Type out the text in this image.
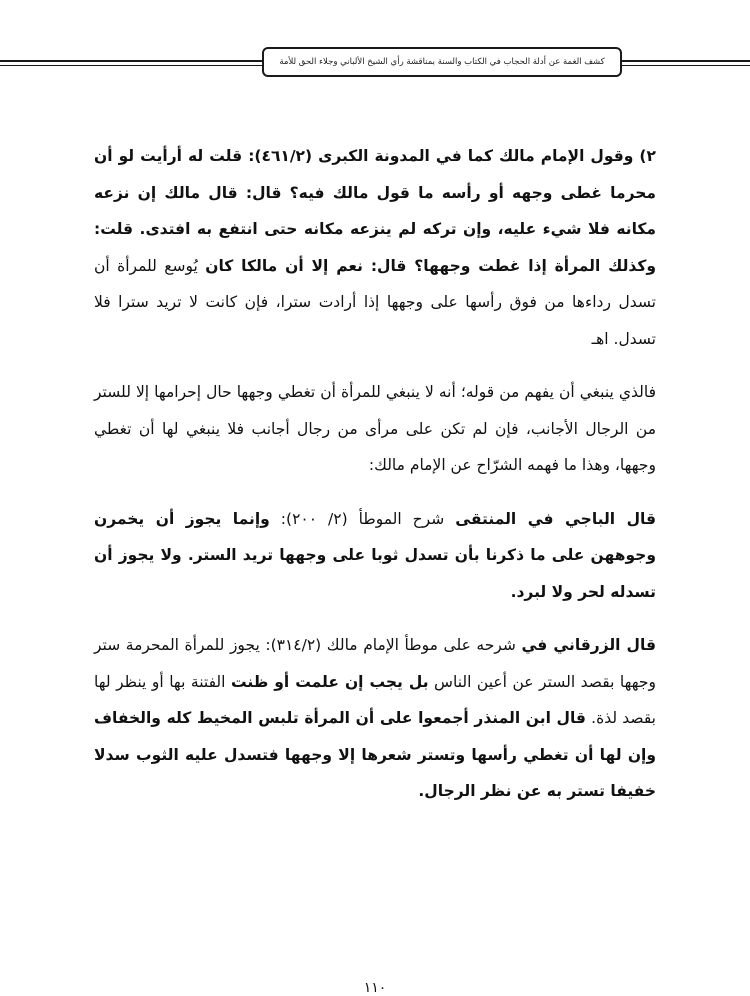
كشف الغمة عن أدلة الحجاب في الكتاب والسنة بمناقشة رأي الشيخ الألباني وجلاء الحق للأمة

٢) وقول الإمام مالك كما في المدونة الكبرى (٤٦١/٢): قلت له أرأيت لو أن محرما غطى وجهه أو رأسه ما قول مالك فيه؟ قال: قال مالك إن نزعه مكانه فلا شيء عليه، وإن تركه لم ينزعه مكانه حتى انتفع به افتدى. قلت: وكذلك المرأة إذا غطت وجهها؟ قال: نعم إلا أن مالكا كان يُوسع للمرأة أن تسدل رداءها من فوق رأسها على وجهها إذا أرادت سترا، فإن كانت لا تريد سترا فلا تسدل. اهـ

فالذي ينبغي أن يفهم من قوله؛ أنه لا ينبغي للمرأة أن تغطي وجهها حال إحرامها إلا للستر من الرجال الأجانب، فإن لم تكن على مرأى من رجال أجانب فلا ينبغي لها أن تغطي وجهها، وهذا ما فهمه الشرّاح عن الإمام مالك:

قال الباجي في المنتقى شرح الموطأ (٢/ ٢٠٠): وإنما يجوز أن يخمرن وجوههن على ما ذكرنا بأن تسدل ثوبا على وجهها تريد الستر. ولا يجوز أن تسدله لحر ولا لبرد.

قال الزرقاني في شرحه على موطأ الإمام مالك (٣١٤/٢): يجوز للمرأة المحرمة ستر وجهها بقصد الستر عن أعين الناس بل يجب إن علمت أو ظنت الفتنة بها أو ينظر لها بقصد لذة. قال ابن المنذر أجمعوا على أن المرأة تلبس المخيط كله والخفاف وإن لها أن تغطي رأسها وتستر شعرها إلا وجهها فتسدل عليه الثوب سدلا خفيفا تستر به عن نظر الرجال.

١١٠
